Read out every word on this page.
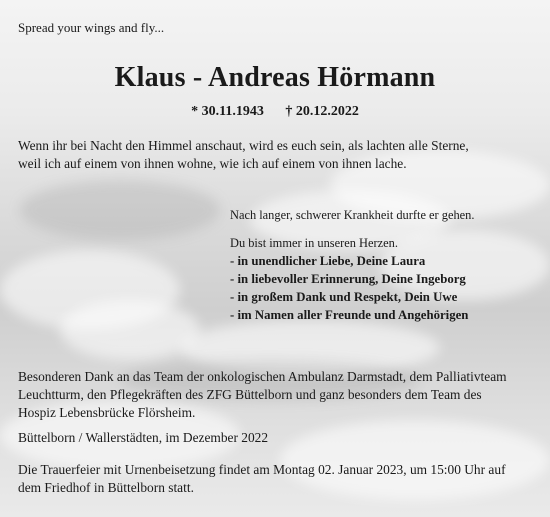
Spread your wings and fly...
Klaus - Andreas Hörmann
* 30.11.1943 † 20.12.2022
Wenn ihr bei Nacht den Himmel anschaut, wird es euch sein, als lachten alle Sterne,
weil ich auf einem von ihnen wohne, wie ich auf einem von ihnen lache.
Nach langer, schwerer Krankheit durfte er gehen.
Du bist immer in unseren Herzen.
- in unendlicher Liebe, Deine Laura
- in liebevoller Erinnerung, Deine Ingeborg
- in großem Dank und Respekt, Dein Uwe
- im Namen aller Freunde und Angehörigen
Besonderen Dank an das Team der onkologischen Ambulanz Darmstadt, dem Palliativteam
Leuchtturm, den Pflegekräften des ZFG Büttelborn und ganz besonders dem Team des
Hospiz Lebensbrücke Flörsheim.
Büttelborn / Wallerstädten, im Dezember 2022
Die Trauerfeier mit Urnenbeisetzung findet am Montag 02. Januar 2023, um 15:00 Uhr auf
dem Friedhof in Büttelborn statt.
